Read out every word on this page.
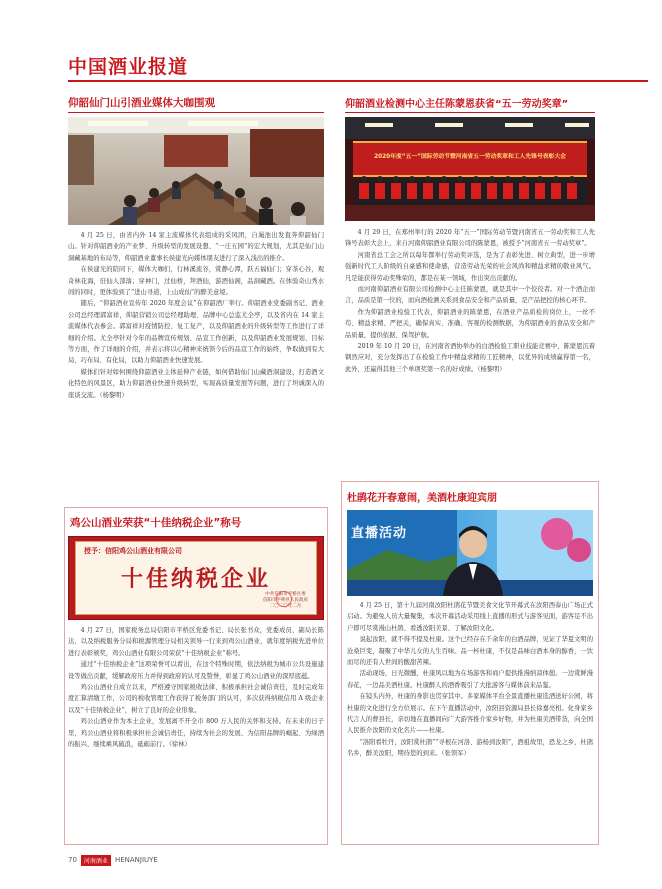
中国酒业报道
仰韶仙门山引酒业媒体大咖围观

4 月 25 日，由省内外 14 家主流媒体代表组成的采风团，自渑池出发直奔仰韶仙门山。针对仰韶酒业的产业梦、升级转型的发展设想、“一庄五园”的宏大规划，尤其是仙门山洞藏基地的布局等，仰韶酒业董事长侯建光向媒体朋友进行了深入浅出的推介。

在侯建光的陪同下，媒体大咖们，行林溪流谷，赏静心潭，跃五福仙门；穿茶心谷，观奇林花海，驻仙人部落；穿神门，过仙桥，拜酒仙，游酒仙阁，品洞藏酒。在体验奇山秀水间的同时，更体验到了“进山寻道，上山成仙”的醉美意境。

随后，“仰韶酒业宣传年 2020 年度会议”在仰韶酒厂举行。仰韶酒业党委副书记、酒业公司总经理郭富祥，仰韶营销公司总经理助理、品牌中心总监尤全亭，以及省内在 14 家主流媒体代表参会。郭富祥对疫情防控、复工复产，以及仰韶酒业的升级转型等工作进行了详细的介绍。尤全亭针对今年的品牌宣传规划、品宣工作创新，以及仰韶酒业发展规划、目标等方面，作了详细的介绍，并表示将以心精神来统领今后的品宣工作的始终，争取做到有大局、巧布局、有化局，以助力仰韶酒业快速发展。

媒体们针对如何围绕仰韶酒业主体延伸产业链，如何借助仙门山藏酒洞建设，打造酒文化特色的风景区，助力仰韶酒业快速升级转型，实现高质量发展等问题，进行了坦诚深入的座谈交流。（杨黎明）

鸡公山酒业荣获“十佳纳税企业”称号
授予：信阳鸡公山酒业有限公司
十佳纳税企业
中共信阳市平桥区委
信阳市平桥区人民政府
二〇二〇年二月

4 月 27 日，国家税务总局信阳市平桥区党委书记、局长张书众，党委成员、副局长陈达，以及纳税服务分局和税源管理分局相关领导一行来到鸡公山酒业，就年度纳税先进单位进行表彰颁奖，鸡公山酒业有限公司荣获“十佳纳税企业”称号。

通过“十佳纳税企业”这项荣誉可以看出，在这个特殊时期，依法纳税为城市公共设施建设等做出贡献，缓解政府压力并得到政府的认可及赞誉，彰显了鸡公山酒业的深厚底蕴。

鸡公山酒业自成立以来，严格遵守国家税收法律、积极承担社会诚信责任，及时完成年度汇算清缴工作，公司的税收管理工作获得了税务部门的认可，多次获得纳税信用 A 级企业以及“十佳纳税企业”，树立了良好的企业形象。

鸡公山酒业作为本土企业，发展离不开全市 800 万人民的关怀和支持。在未来的日子里，鸡公山酒业将积极承担社会诚信责任，持续为社会的发展、为信阳品牌的崛起、为绿酒的振兴、继续乘风破浪，砥砺前行。（徐林）

仰韶酒业检测中心主任陈蒙恩获省“五一劳动奖章”
2020年度“五一”国际劳动节暨河南省五一劳动奖章和工人先锋号表彰大会

4 月 29 日，在郑州举行的 2020 年“五一”国际劳动节暨河南省五一劳动奖和工人先锋号表彰大会上，来自河南仰韶酒业有限公司的陈蒙恩，被授予“河南省五一劳动奖章”。

河南省总工会之所以每年都举行劳动奖评选，是为了表彰先进、树立典型，进一步增强新时代工人阶级的自豪感和使命感，营造劳动光荣的社会风尚和精益求精的敬业风气。凡是能获得劳动奖殊荣的，都是在某一领域，作出突出贡献的。

而河南仰韶酒业有限公司检测中心主任陈蒙恩，就是其中一个佼佼者。对一个酒企而言，品质是第一位的，而向酒检测关系到食品安全和产品质量，是产品把控的核心环节。

作为仰韶酒业检验工代表，仰韶酒业的陈蒙恩，在酒业产品质检的岗位上，一丝不苟、精益求精、严把关，确保真实、准确、客观的检测数据，为仰韶酒业的食品安全和产品质量，提供依据、保驾护航。

2019 年 10 月 20 日，在河南省酒协举办的白酒检验工职业技能竞赛中，陈蒙恩沉着钢然应对，充分发挥出了在检验工作中精益求精的工匠精神，以优异的成绩赢得第一名，此外，还赢得其他三个单项奖第一名的好成绩。（杨黎明）

杜鹃花开春意闹，美酒杜康迎宾朋
直播活动

4 月 25 日，第十九届河南汝阳杜鹃花节暨美食文化节开幕式在汝阳西泰山广场正式启动。为避免人员大量聚集，本次开幕活动采用线上直播的形式与游客见面，游客足不出户即可尽赏漫山杜鹃、看透汝阳美景、了解汝阳文化。

说起汝阳，就不得不提及杜康。这个已经存在千余年的白酒品牌，见证了华夏文明的沧桑巨变，凝聚了中华儿女的人生百味。品一杯杜康，不仅是品味白酒本身的醇香，一饮而尽的还有人世间的酸甜苦辣。

活动现场，日光微醺，杜康风以地为在场游客和商户提供推漫纳凉体憩。一边赏鲜漫春花，一边品美酒杜康。杜康醉人的酒香吸引了大批游客与媒体前来品鉴。

在镜头内外，杜康的身影也贯穿其中。多家媒体平台全景直播杜康选酒送好公园，将杜康的文化进行全方位展示。在下午直播活动中，汝阳县资源局县长徐嘉亮相。化身家乡代言人的曹县长，亲切地在直播间向广大游客推介家乡好物，并为杜康美酒带货，向全国人民推介汝阳的文化名片——杜康。

“洛阳看牡丹，汝阳赏杜鹃”“寻根在河洛、游杨到汝阳”，酒祖故里，恐龙之乡，杜鹃名乡，醉美汝阳，期待您的到来。（张领军）

70	河南酒业	HENANJIUYE
